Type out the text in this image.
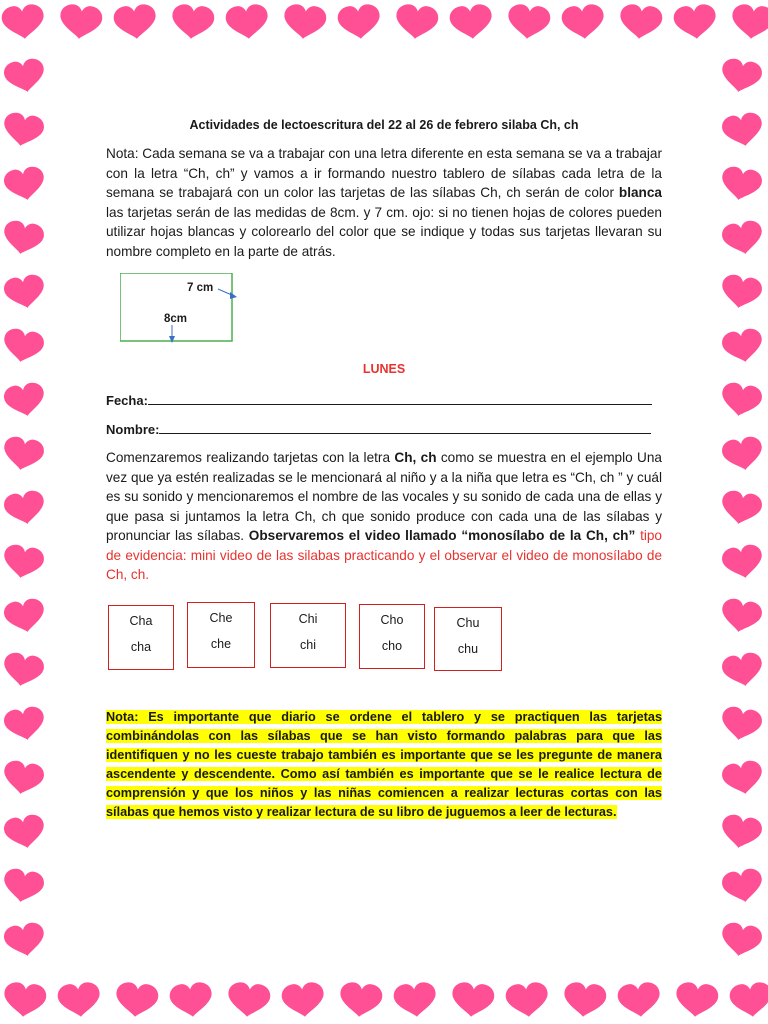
Actividades de lectoescritura del 22 al 26 de febrero silaba Ch, ch

Nota: Cada semana se va a trabajar con una letra diferente en esta semana se va a trabajar con la letra “Ch, ch” y vamos a ir formando nuestro tablero de sílabas cada letra de la semana se trabajará con un color las tarjetas de las sílabas Ch, ch serán de color blanca las tarjetas serán de las medidas de 8cm. y 7 cm. ojo: si no tienen hojas de colores pueden utilizar hojas blancas y colorearlo del color que se indique y todas sus tarjetas llevaran su nombre completo en la parte de atrás.

7 cm
8cm
LUNES
Fecha:
Nombre:

Comenzaremos realizando tarjetas con la letra Ch, ch como se muestra en el ejemplo Una vez que ya estén realizadas se le mencionará al niño y a la niña que letra es “Ch, ch ” y cuál es su sonido y mencionaremos el nombre de las vocales y su sonido de cada una de ellas y que pasa si juntamos la letra Ch, ch que sonido produce con cada una de las sílabas y pronunciar las sílabas. Observaremos el video llamado “monosílabo de la Ch, ch” tipo de evidencia: mini video de las silabas practicando y el observar el video de monosílabo de Ch, ch.

Cha
cha
Che
che
Chi
chi
Cho
cho
Chu
chu

Nota: Es importante que diario se ordene el tablero y se practiquen las tarjetas combinándolas con las sílabas que se han visto formando palabras para que las identifiquen y no les cueste trabajo también es importante que se les pregunte de manera ascendente y descendente. Como así también es importante que se le realice lectura de comprensión y que los niños y las niñas comiencen a realizar lecturas cortas con las sílabas que hemos visto y realizar lectura de su libro de juguemos a leer de lecturas.
